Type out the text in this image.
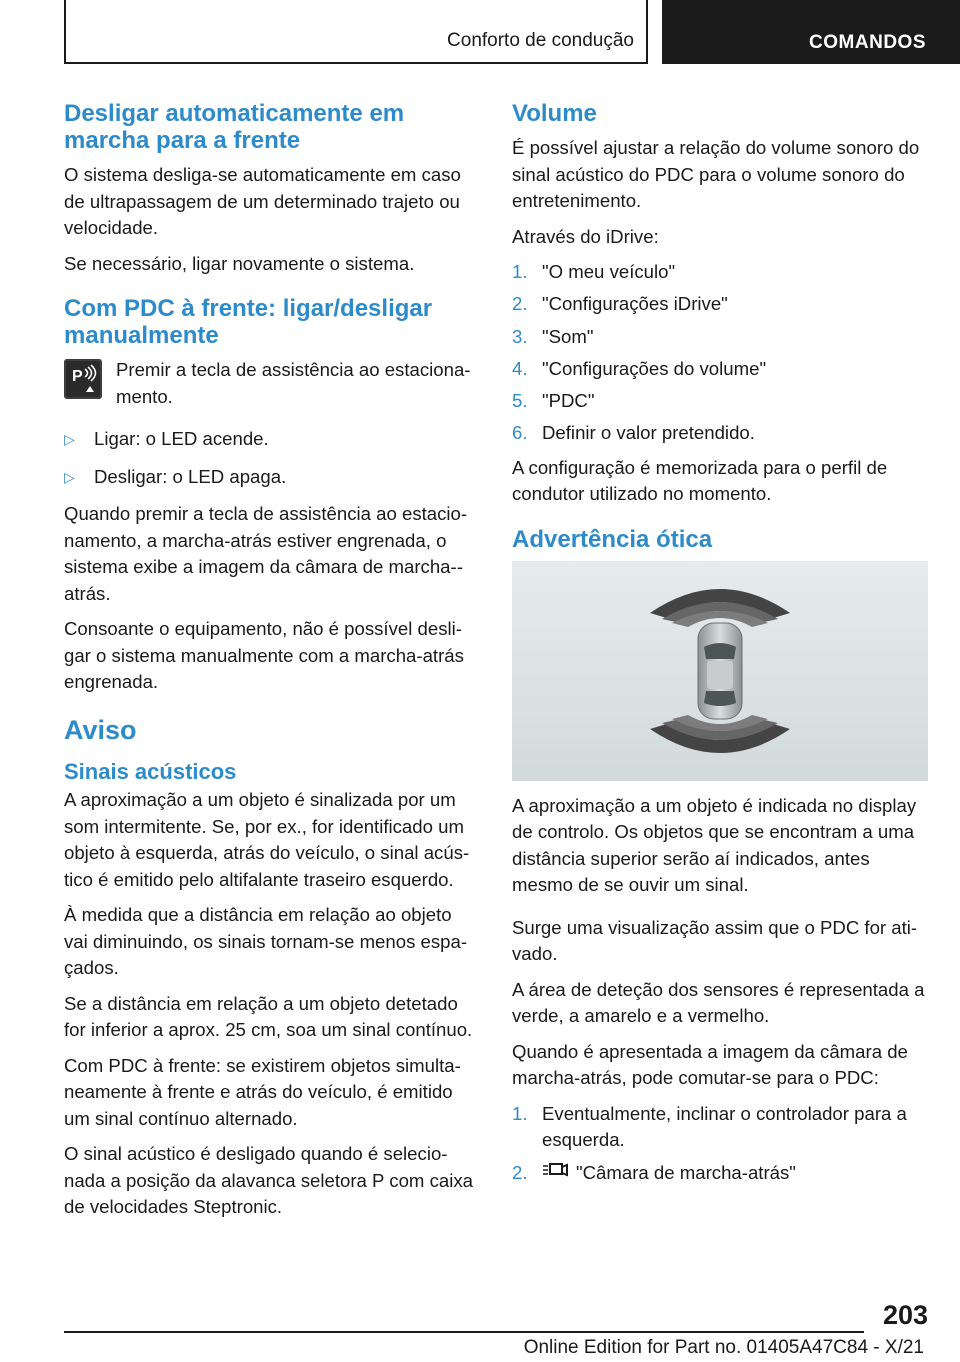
Conforto de condução	COMANDOS
Desligar automaticamente em marcha para a frente

O sistema desliga-se automaticamente em caso de ultrapassagem de um determinado trajeto ou velocidade.

Se necessário, ligar novamente o sistema.

Com PDC à frente: ligar/desligar manualmente
P Premir a tecla de assistência ao estaciona-mento.

▷ Ligar: o LED acende.
▷ Desligar: o LED apaga.

Quando premir a tecla de assistência ao estacio-namento, a marcha-atrás estiver engrenada, o sistema exibe a imagem da câmara de marcha--atrás.

Consoante o equipamento, não é possível desli-gar o sistema manualmente com a marcha-atrás engrenada.

Aviso
Sinais acústicos

A aproximação a um objeto é sinalizada por um som intermitente. Se, por ex., for identificado um objeto à esquerda, atrás do veículo, o sinal acús-tico é emitido pelo altifalante traseiro esquerdo.

À medida que a distância em relação ao objeto vai diminuindo, os sinais tornam-se menos espa-çados.

Se a distância em relação a um objeto detetado for inferior a aprox. 25 cm, soa um sinal contínuo.

Com PDC à frente: se existirem objetos simulta-neamente à frente e atrás do veículo, é emitido um sinal contínuo alternado.

O sinal acústico é desligado quando é selecio-nada a posição da alavanca seletora P com caixa de velocidades Steptronic.

Volume

É possível ajustar a relação do volume sonoro do sinal acústico do PDC para o volume sonoro do entretenimento.

Através do iDrive:

1. "O meu veículo"
2. "Configurações iDrive"
3. "Som"
4. "Configurações do volume"
5. "PDC"
6. Definir o valor pretendido.

A configuração é memorizada para o perfil de condutor utilizado no momento.

Advertência ótica

A aproximação a um objeto é indicada no display de controlo. Os objetos que se encontram a uma distância superior serão aí indicados, antes mesmo de se ouvir um sinal.

Surge uma visualização assim que o PDC for ati-vado.

A área de deteção dos sensores é representada a verde, a amarelo e a vermelho.

Quando é apresentada a imagem da câmara de marcha-atrás, pode comutar-se para o PDC:

1. Eventualmente, inclinar o controlador para a esquerda.
2.	"Câmara de marcha-atrás"
203
Online Edition for Part no. 01405A47C84 - X/21
